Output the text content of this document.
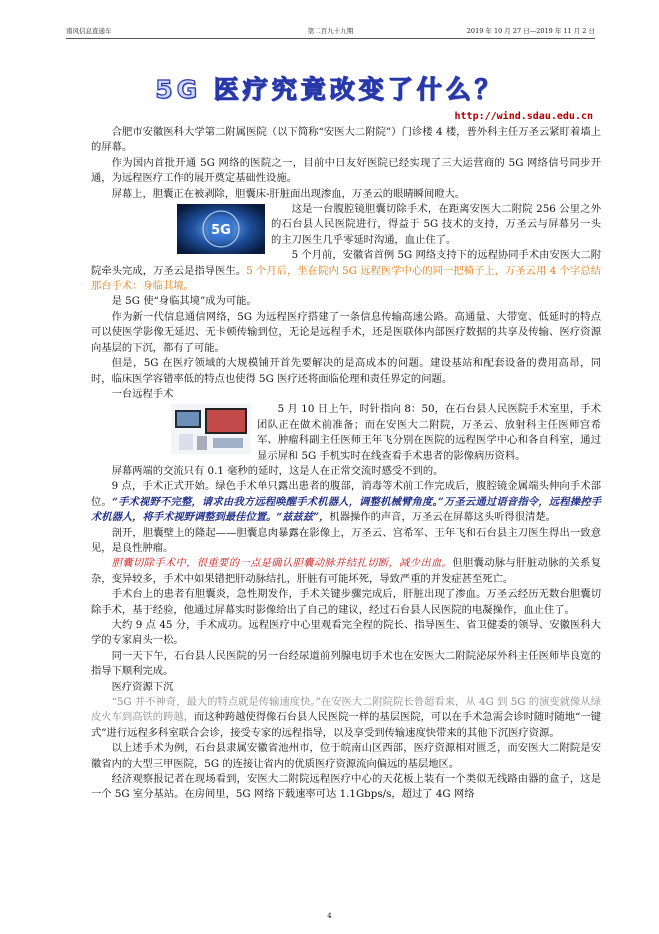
南风信息直通车	第二百九十九期	2019 年 10 月 27 日—2019 年 11 月 2 日
5G 医疗究竟改变了什么？
http://wind.sdau.edu.cn

合肥市安徽医科大学第二附属医院（以下简称“安医大二附院”）门诊楼 4 楼，普外科主任万圣云紧盯着墙上的屏幕。

作为国内首批开通 5G 网络的医院之一，目前中日友好医院已经实现了三大运营商的 5G 网络信号同步开通，为远程医疗工作的展开奠定基础性设施。

屏幕上，胆囊正在被剥除，胆囊床-肝脏面出现渗血，万圣云的眼睛瞬间瞪大。

5G
这是一台腹腔镜胆囊切除手术，在距离安医大二附院 256 公里之外的石台县人民医院进行，得益于 5G 技术的支持，万圣云与屏幕另一头的主刀医生几乎零延时沟通，血止住了。

5 个月前，安徽省首例 5G 网络支持下的远程协同手术由安医大二附院牵头完成，万圣云是指导医生。5 个月后，坐在院内 5G 远程医学中心的同一把椅子上，万圣云用 4 个字总结那台手术：身临其境。

是 5G 使“身临其境”成为可能。

作为新一代信息通信网络，5G 为远程医疗搭建了一条信息传输高速公路。高通量、大带宽、低延时的特点可以使医学影像无延迟、无卡顿传输到位，无论是远程手术，还是医联体内部医疗数据的共享及传输、医疗资源向基层的下沉，都有了可能。

但是，5G 在医疗领域的大规模铺开首先要解决的是高成本的问题。建设基站和配套设备的费用高昂，同时，临床医学容错率低的特点也使得 5G 医疗还将面临伦理和责任界定的问题。

一台远程手术

5 月 10 日上午，时针指向 8：50，在石台县人民医院手术室里，手术团队正在做术前准备；而在安医大二附院，万圣云、放射科主任医师宫希军、肿瘤科副主任医师王年飞分别在医院的远程医学中心和各自科室，通过显示屏和 5G 手机实时在线查看手术患者的影像病历资料。

屏幕两端的交流只有 0.1 毫秒的延时，这是人在正常交流时感受不到的。

9 点，手术正式开始。绿色手术单只露出患者的腹部，消毒等术前工作完成后，腹腔镜金属端头伸向手术部位。“手术视野不完整，请求由我方远程唤醒手术机器人，调整机械臂角度。”万圣云通过语音指令，远程操控手术机器人，将手术视野调整到最佳位置。“兹兹兹”，机器操作的声音，万圣云在屏幕这头听得很清楚。

剖开，胆囊壁上的隆起——胆囊息肉暴露在影像上，万圣云、宫希军、王年飞和石台县主刀医生得出一致意见，是良性肿瘤。

胆囊切除手术中，很重要的一点是确认胆囊动脉并结扎切断，减少出血。但胆囊动脉与肝脏动脉的关系复杂，变异较多，手术中如果错把肝动脉结扎，肝脏有可能坏死，导致严重的并发症甚至死亡。

手术台上的患者有胆囊炎，急性期发作，手术关键步骤完成后，肝脏出现了渗血。万圣云经历无数台胆囊切除手术，基于经验，他通过屏幕实时影像给出了自己的建议，经过石台县人民医院的电凝操作，血止住了。

大约 9 点 45 分，手术成功。远程医疗中心里观看完全程的院长、指导医生、省卫健委的领导、安徽医科大学的专家肩头一松。

同一天下午，石台县人民医院的另一台经尿道前列腺电切手术也在安医大二附院泌尿外科主任医师毕良宽的指导下顺利完成。

医疗资源下沉

“5G 并不神奇，最大的特点就是传输速度快。”在安医大二附院院长鲁超看来，从 4G 到 5G 的演变就像从绿皮火车到高铁的跨越，而这种跨越使得像石台县人民医院一样的基层医院，可以在手术急需会诊时随时随地“一键式”进行远程多科室联合会诊，接受专家的远程指导，以及享受到传输速度快带来的其他下沉医疗资源。

以上述手术为例，石台县隶属安徽省池州市，位于皖南山区西部，医疗资源相对匮乏，而安医大二附院是安徽省内的大型三甲医院，5G 的连接让省内的优质医疗资源流向偏远的基层地区。

经济观察报记者在现场看到，安医大二附院远程医疗中心的天花板上装有一个类似无线路由器的盒子，这是一个 5G 室分基站。在房间里，5G 网络下载速率可达 1.1Gbps/s，超过了 4G 网络

4
